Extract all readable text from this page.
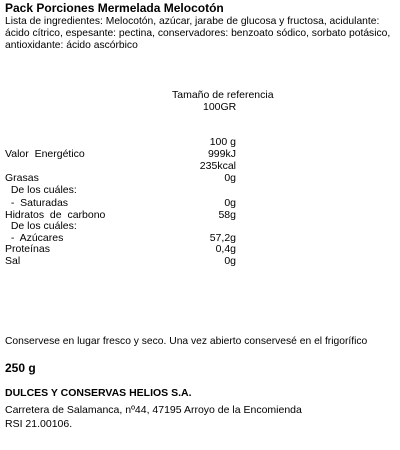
Pack Porciones Mermelada Melocotón
Lista de ingredientes: Melocotón, azúcar, jarabe de glucosa y fructosa, acidulante: ácido cítrico, espesante: pectina, conservadores: benzoato sódico, sorbato potásico, antioxidante: ácido ascórbico
Tamaño de referencia
100GR
100 g
Valor  Energético	999kJ
235kcal
Grasas	0g
De los cuáles:
-  Saturadas	0g
Hidratos  de  carbono	58g
De los cuáles:
-  Azúcares	57,2g
Proteínas	0,4g
Sal	0g
Conservese en lugar fresco y seco. Una vez abierto conservesé en el frigorífico
250 g
DULCES Y CONSERVAS HELIOS S.A.
Carretera de Salamanca, nº44, 47195 Arroyo de la Encomienda
RSI 21.00106.
